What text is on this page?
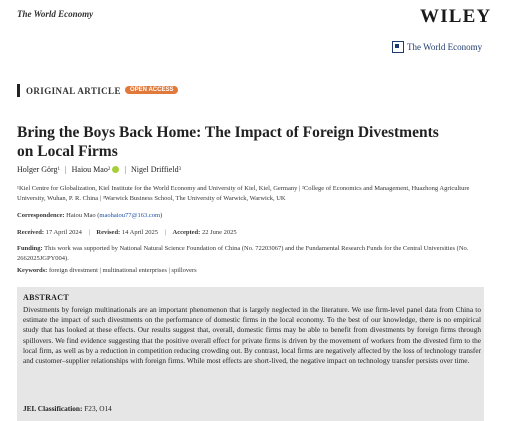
The World Economy	WILEY
The World Economy
ORIGINAL ARTICLE	OPEN ACCESS
Bring the Boys Back Home: The Impact of Foreign Divestments on Local Firms
Holger Görg 1 | Haiou Mao 2 | Nigel Driffield 3
¹Kiel Centre for Globalization, Kiel Institute for the World Economy and University of Kiel, Kiel, Germany | ²College of Economics and Management, Huazhong Agriculture University, Wuhan, P. R. China | ³Warwick Business School, The University of Warwick, Warwick, UK
Correspondence: Haiou Mao (maohaiou77@163.com)
Received: 17 April 2024 | Revised: 14 April 2025 | Accepted: 22 June 2025
Funding: This work was supported by National Natural Science Foundation of China (No. 72203067) and the Fundamental Research Funds for the Central Universities (No. 2662025JGPY004).
Keywords: foreign divestment | multinational enterprises | spillovers
ABSTRACT
Divestments by foreign multinationals are an important phenomenon that is largely neglected in the literature. We use firm-level panel data from China to estimate the impact of such divestments on the performance of domestic firms in the local economy. To the best of our knowledge, there is no empirical study that has looked at these effects. Our results suggest that, overall, domestic firms may be able to benefit from divestments by foreign firms through spillovers. We find evidence suggesting that the positive overall effect for private firms is driven by the movement of workers from the divested firm to the local firm, as well as by a reduction in competition reducing crowding out. By contrast, local firms are negatively affected by the loss of technology transfer and customer–supplier relationships with foreign firms. While most effects are short-lived, the negative impact on technology transfer persists over time.
JEL Classification: F23, O14
